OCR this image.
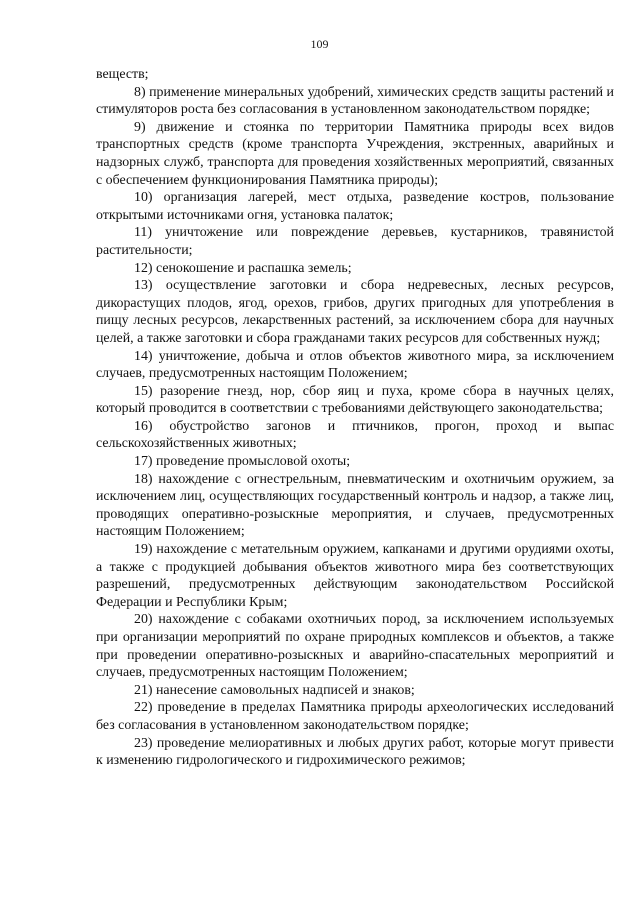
109

веществ;

8) применение минеральных удобрений, химических средств защиты растений и стимуляторов роста без согласования в установленном законодательством порядке;

9) движение и стоянка по территории Памятника природы всех видов транспортных средств (кроме транспорта Учреждения, экстренных, аварийных и надзорных служб, транспорта для проведения хозяйственных мероприятий, связанных с обеспечением функционирования Памятника природы);

10) организация лагерей, мест отдыха, разведение костров, пользование открытыми источниками огня, установка палаток;

11) уничтожение или повреждение деревьев, кустарников, травянистой растительности;

12) сенокошение и распашка земель;

13) осуществление заготовки и сбора недревесных, лесных ресурсов, дикорастущих плодов, ягод, орехов, грибов, других пригодных для употребления в пищу лесных ресурсов, лекарственных растений, за исключением сбора для научных целей, а также заготовки и сбора гражданами таких ресурсов для собственных нужд;

14) уничтожение, добыча и отлов объектов животного мира, за исключением случаев, предусмотренных настоящим Положением;

15) разорение гнезд, нор, сбор яиц и пуха, кроме сбора в научных целях, который проводится в соответствии с требованиями действующего законодательства;

16) обустройство загонов и птичников, прогон, проход и выпас сельскохозяйственных животных;

17) проведение промысловой охоты;

18) нахождение с огнестрельным, пневматическим и охотничьим оружием, за исключением лиц, осуществляющих государственный контроль и надзор, а также лиц, проводящих оперативно-розыскные мероприятия, и случаев, предусмотренных настоящим Положением;

19) нахождение с метательным оружием, капканами и другими орудиями охоты, а также с продукцией добывания объектов животного мира без соответствующих разрешений, предусмотренных действующим законодательством Российской Федерации и Республики Крым;

20) нахождение с собаками охотничьих пород, за исключением используемых при организации мероприятий по охране природных комплексов и объектов, а также при проведении оперативно-розыскных и аварийно-спасательных мероприятий и случаев, предусмотренных настоящим Положением;

21) нанесение самовольных надписей и знаков;

22) проведение в пределах Памятника природы археологических исследований без согласования в установленном законодательством порядке;

23) проведение мелиоративных и любых других работ, которые могут привести к изменению гидрологического и гидрохимического режимов;
